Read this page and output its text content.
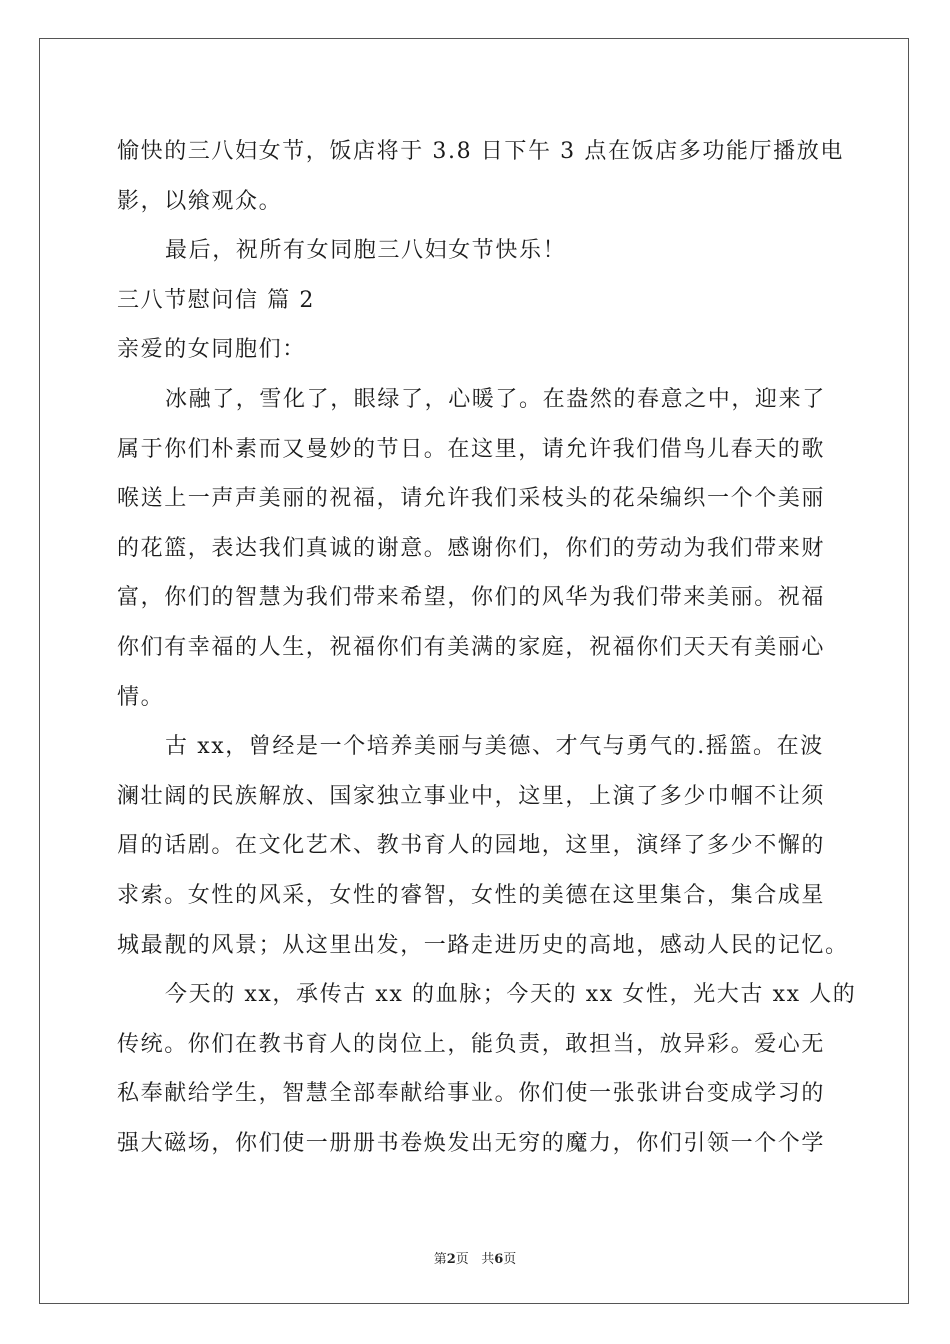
愉快的三八妇女节，饭店将于 3.8 日下午 3 点在饭店多功能厅播放电
影，以飨观众。
最后，祝所有女同胞三八妇女节快乐！
三八节慰问信 篇 2
亲爱的女同胞们：
冰融了，雪化了，眼绿了，心暖了。在盎然的春意之中，迎来了
属于你们朴素而又曼妙的节日。在这里，请允许我们借鸟儿春天的歌
喉送上一声声美丽的祝福，请允许我们采枝头的花朵编织一个个美丽
的花篮，表达我们真诚的谢意。感谢你们，你们的劳动为我们带来财
富，你们的智慧为我们带来希望，你们的风华为我们带来美丽。祝福
你们有幸福的人生，祝福你们有美满的家庭，祝福你们天天有美丽心
情。
古 xx，曾经是一个培养美丽与美德、才气与勇气的.摇篮。在波
澜壮阔的民族解放、国家独立事业中，这里，上演了多少巾帼不让须
眉的话剧。在文化艺术、教书育人的园地，这里，演绎了多少不懈的
求索。女性的风采，女性的睿智，女性的美德在这里集合，集合成星
城最靓的风景；从这里出发，一路走进历史的高地，感动人民的记忆。
今天的 xx，承传古 xx 的血脉；今天的 xx 女性，光大古 xx 人的
传统。你们在教书育人的岗位上，能负责，敢担当，放异彩。爱心无
私奉献给学生，智慧全部奉献给事业。你们使一张张讲台变成学习的
强大磁场，你们使一册册书卷焕发出无穷的魔力，你们引领一个个学
第2页 共6页
